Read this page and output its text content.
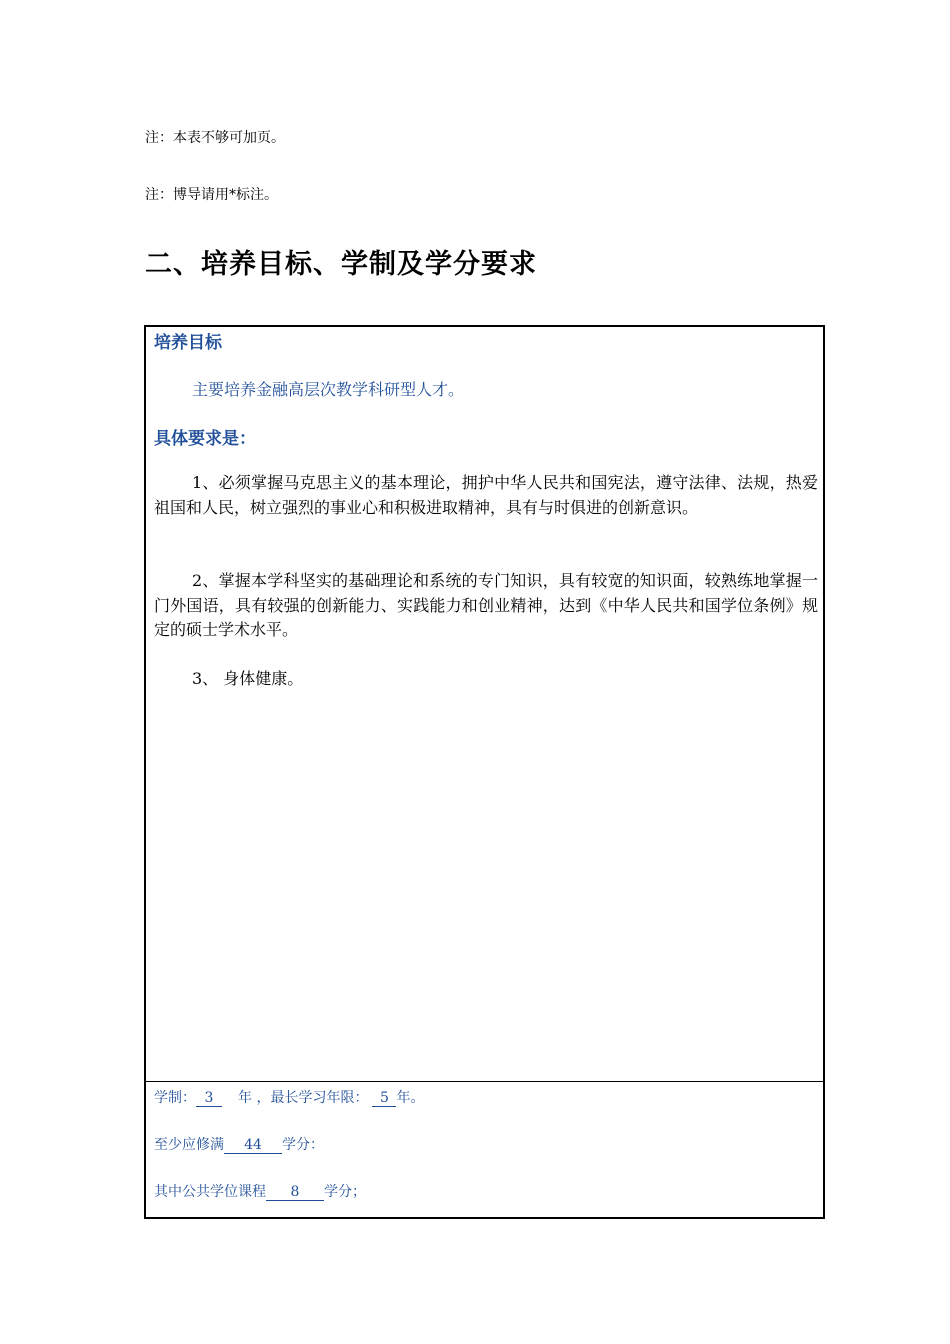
注：本表不够可加页。
注：博导请用*标注。
二、培养目标、学制及学分要求
培养目标
主要培养金融高层次教学科研型人才。
具体要求是：
1、必须掌握马克思主义的基本理论，拥护中华人民共和国宪法，遵守法律、法规，热爱祖国和人民，树立强烈的事业心和积极进取精神，具有与时俱进的创新意识。
2、掌握本学科坚实的基础理论和系统的专门知识，具有较宽的知识面，较熟练地掌握一门外国语，具有较强的创新能力、实践能力和创业精神，达到《中华人民共和国学位条例》规定的硕士学术水平。
3、 身体健康。
学制： 3 年 ，最长学习年限： 5 年。
至少应修满 44 学分：
其中公共学位课程 8 学分；
